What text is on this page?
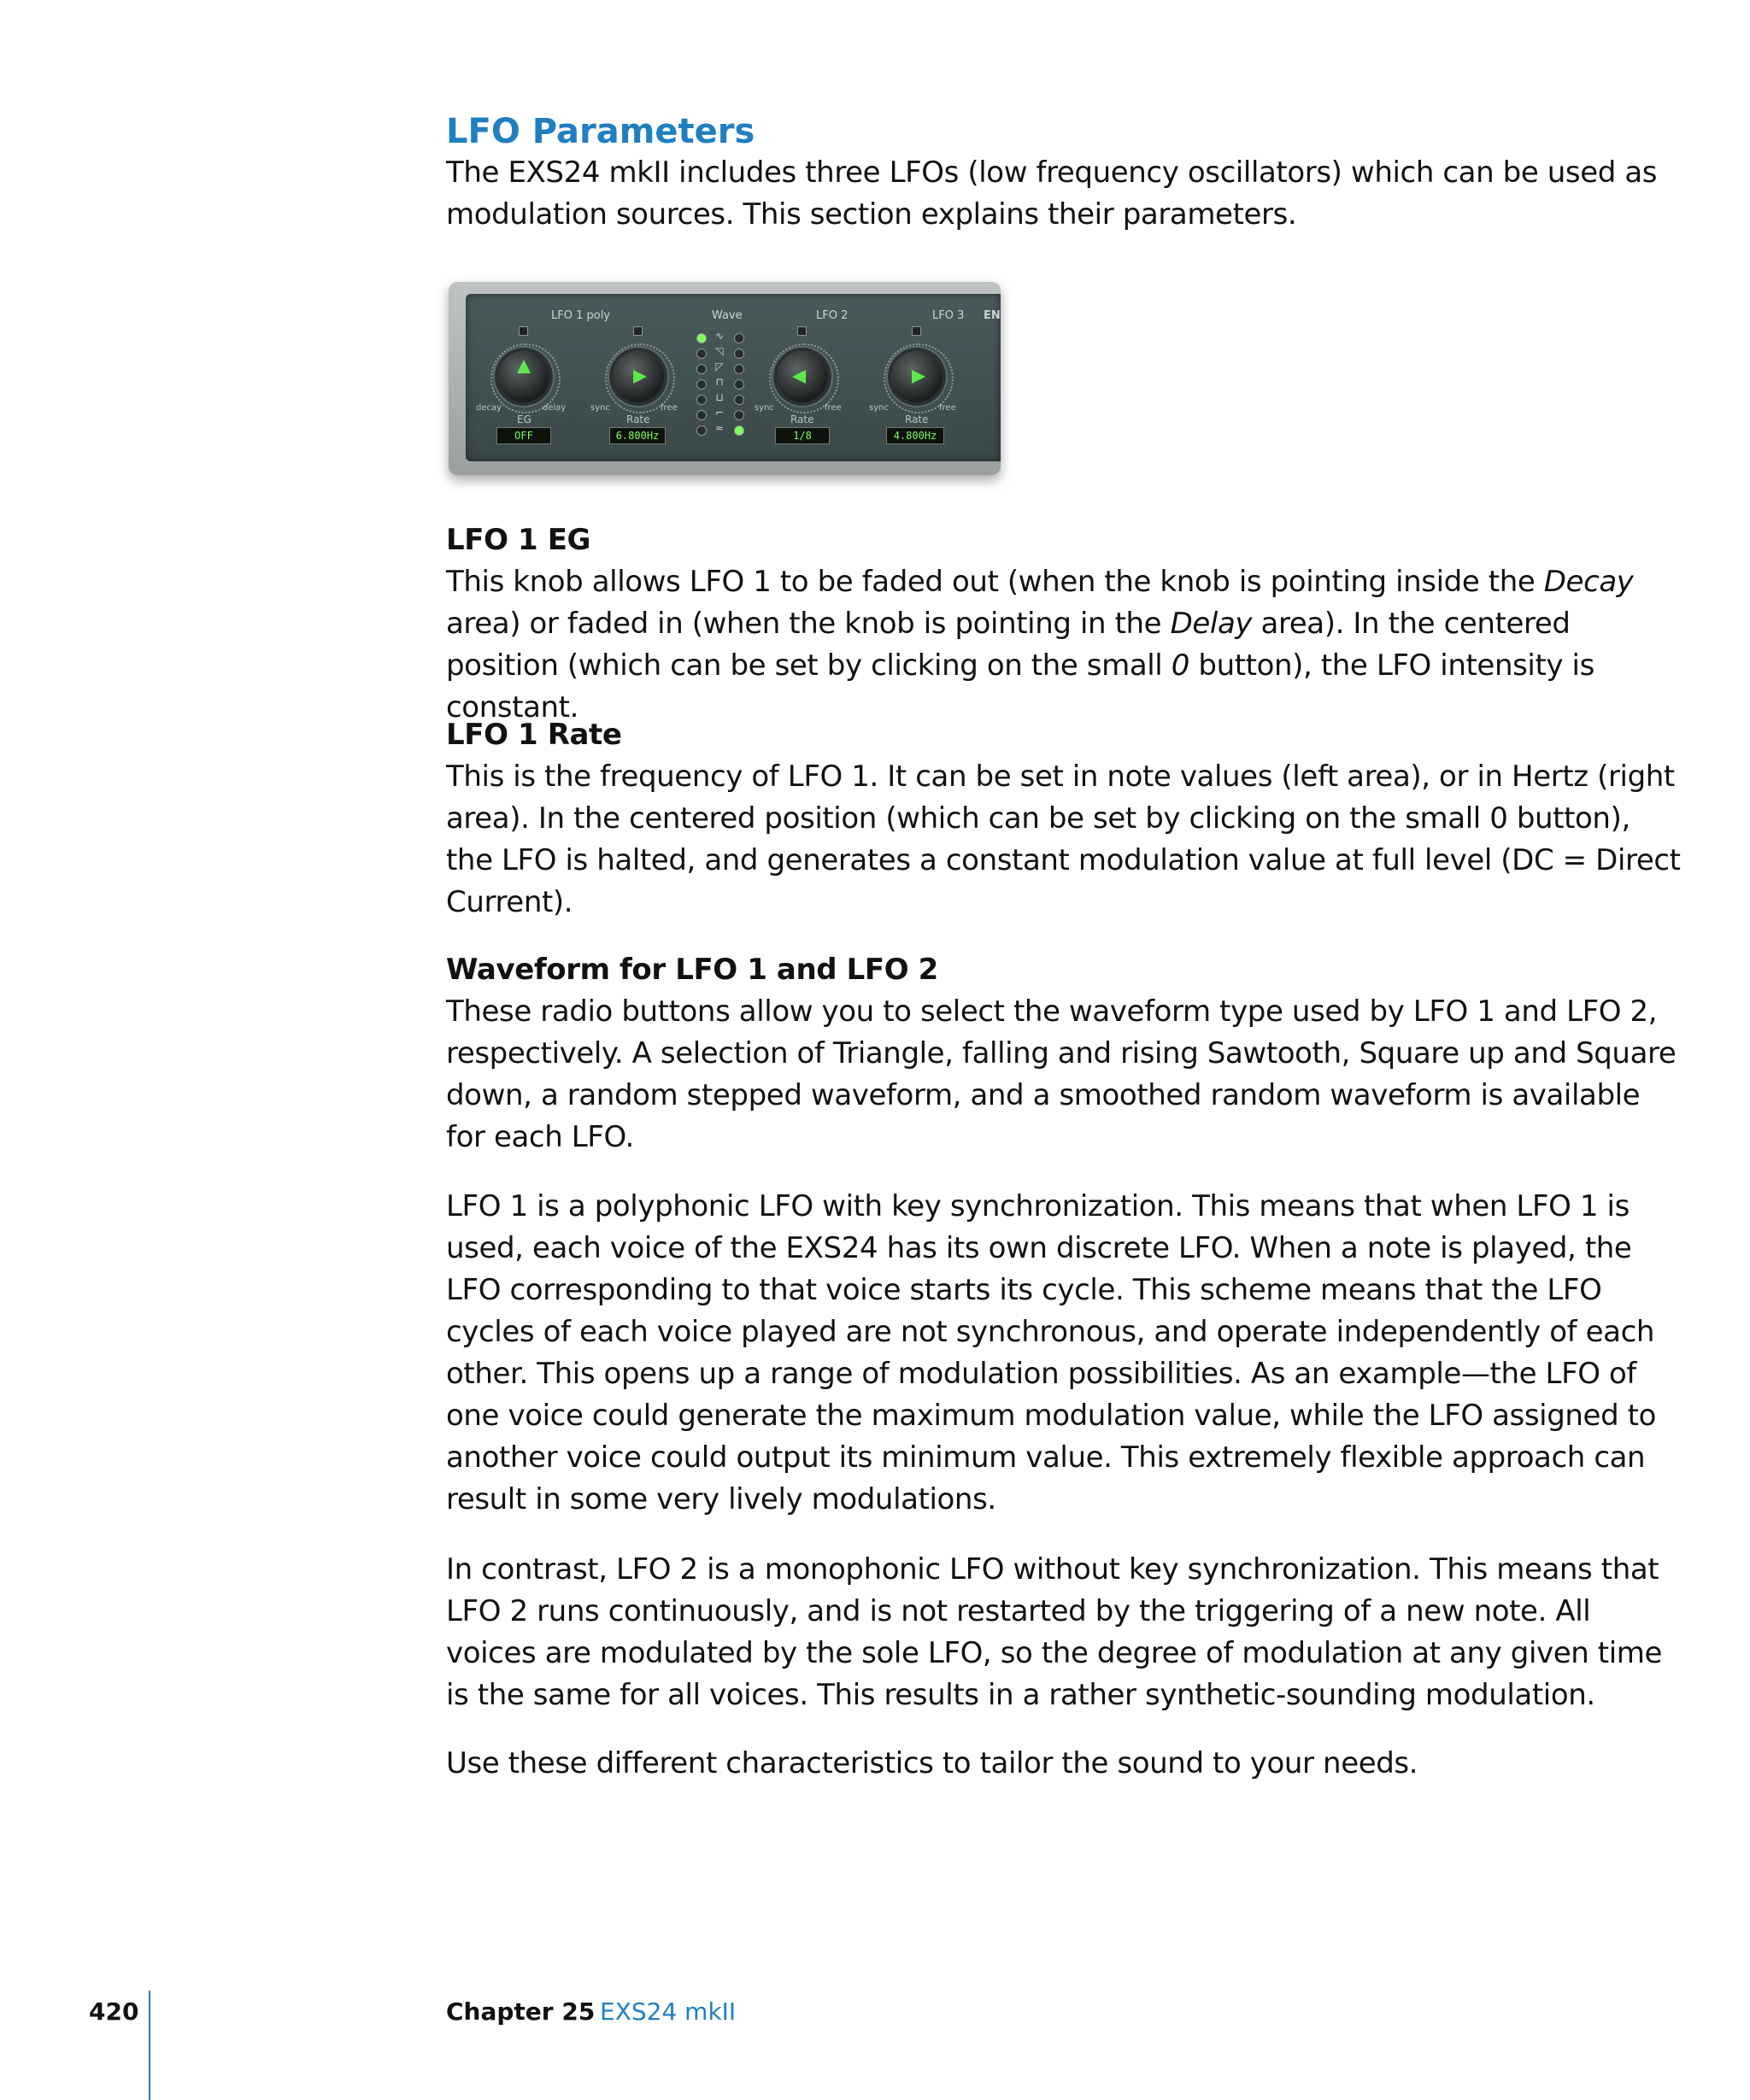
LFO Parameters

The EXS24 mkII includes three LFOs (low frequency oscillators) which can be used as modulation sources. This section explains their parameters.

LFO 1 poly	Wave	LFO 2	LFO 3 EN
decay	delay
EG
OFF
sync	free
Rate
6.800Hz
∿
◹
◸
⊓
⊔
⌐
≈
sync	free
Rate
1/8
sync	free
Rate
4.800Hz
LFO 1 EG

This knob allows LFO 1 to be faded out (when the knob is pointing inside the Decay area) or faded in (when the knob is pointing in the Delay area). In the centered position (which can be set by clicking on the small 0 button), the LFO intensity is constant.

LFO 1 Rate

This is the frequency of LFO 1. It can be set in note values (left area), or in Hertz (right area). In the centered position (which can be set by clicking on the small 0 button), the LFO is halted, and generates a constant modulation value at full level (DC = Direct Current).

Waveform for LFO 1 and LFO 2

These radio buttons allow you to select the waveform type used by LFO 1 and LFO 2, respectively. A selection of Triangle, falling and rising Sawtooth, Square up and Square down, a random stepped waveform, and a smoothed random waveform is available for each LFO.

LFO 1 is a polyphonic LFO with key synchronization. This means that when LFO 1 is used, each voice of the EXS24 has its own discrete LFO. When a note is played, the LFO corresponding to that voice starts its cycle. This scheme means that the LFO cycles of each voice played are not synchronous, and operate independently of each other. This opens up a range of modulation possibilities. As an example—the LFO of one voice could generate the maximum modulation value, while the LFO assigned to another voice could output its minimum value. This extremely flexible approach can result in some very lively modulations.

In contrast, LFO 2 is a monophonic LFO without key synchronization. This means that LFO 2 runs continuously, and is not restarted by the triggering of a new note. All voices are modulated by the sole LFO, so the degree of modulation at any given time is the same for all voices. This results in a rather synthetic-sounding modulation.

Use these different characteristics to tailor the sound to your needs.

420	Chapter 25 EXS24 mkII
